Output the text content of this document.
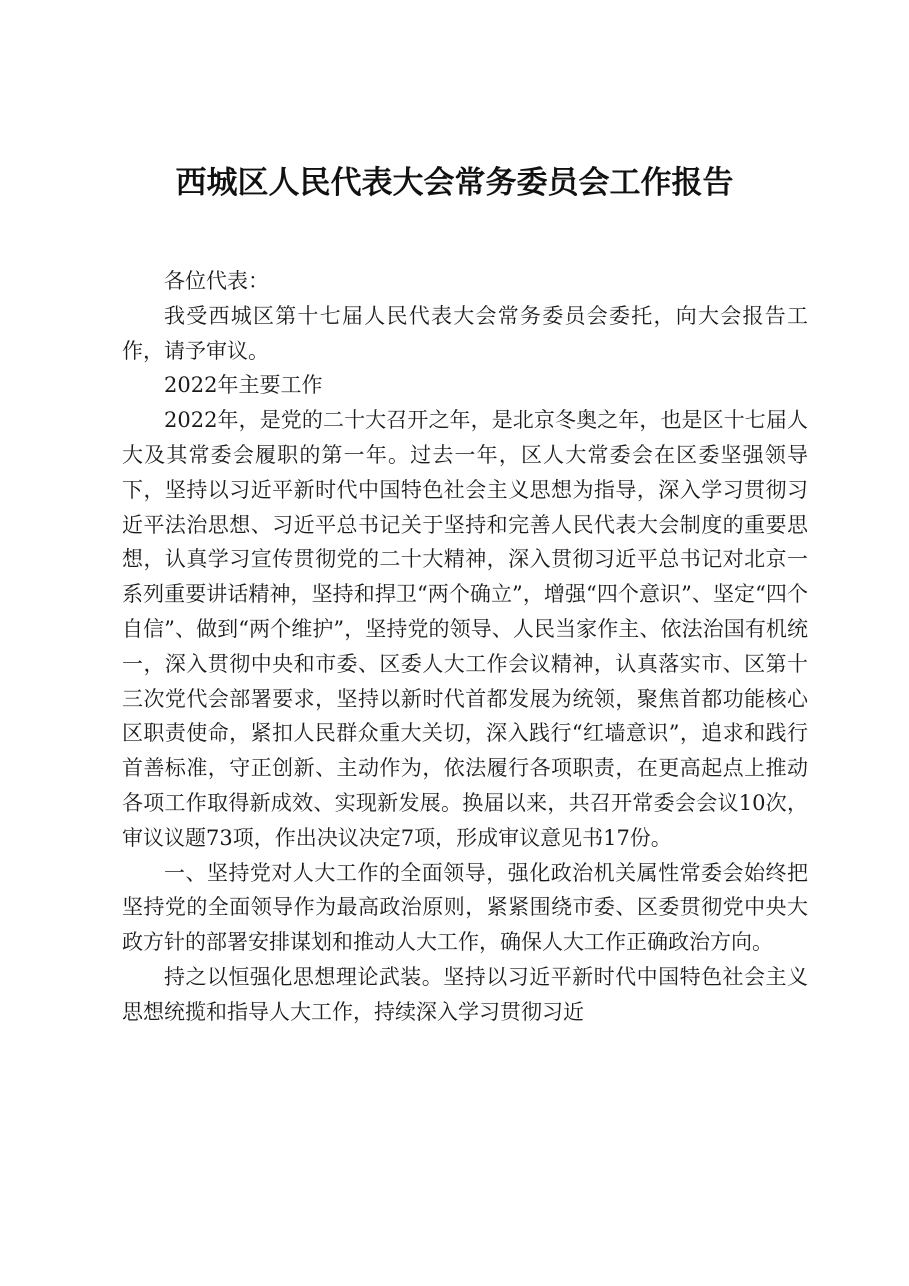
西城区人民代表大会常务委员会工作报告

各位代表：

我受西城区第十七届人民代表大会常务委员会委托，向大会报告工作，请予审议。

2022年主要工作

2022年，是党的二十大召开之年，是北京冬奥之年，也是区十七届人大及其常委会履职的第一年。过去一年，区人大常委会在区委坚强领导下，坚持以习近平新时代中国特色社会主义思想为指导，深入学习贯彻习近平法治思想、习近平总书记关于坚持和完善人民代表大会制度的重要思想，认真学习宣传贯彻党的二十大精神，深入贯彻习近平总书记对北京一系列重要讲话精神，坚持和捍卫“两个确立”，增强“四个意识”、坚定“四个自信”、做到“两个维护”，坚持党的领导、人民当家作主、依法治国有机统一，深入贯彻中央和市委、区委人大工作会议精神，认真落实市、区第十三次党代会部署要求，坚持以新时代首都发展为统领，聚焦首都功能核心区职责使命，紧扣人民群众重大关切，深入践行“红墙意识”，追求和践行首善标准，守正创新、主动作为，依法履行各项职责，在更高起点上推动各项工作取得新成效、实现新发展。换届以来，共召开常委会会议10次，审议议题73项，作出决议决定7项，形成审议意见书17份。

一、坚持党对人大工作的全面领导，强化政治机关属性常委会始终把坚持党的全面领导作为最高政治原则，紧紧围绕市委、区委贯彻党中央大政方针的部署安排谋划和推动人大工作，确保人大工作正确政治方向。

持之以恒强化思想理论武装。坚持以习近平新时代中国特色社会主义思想统揽和指导人大工作，持续深入学习贯彻习近
